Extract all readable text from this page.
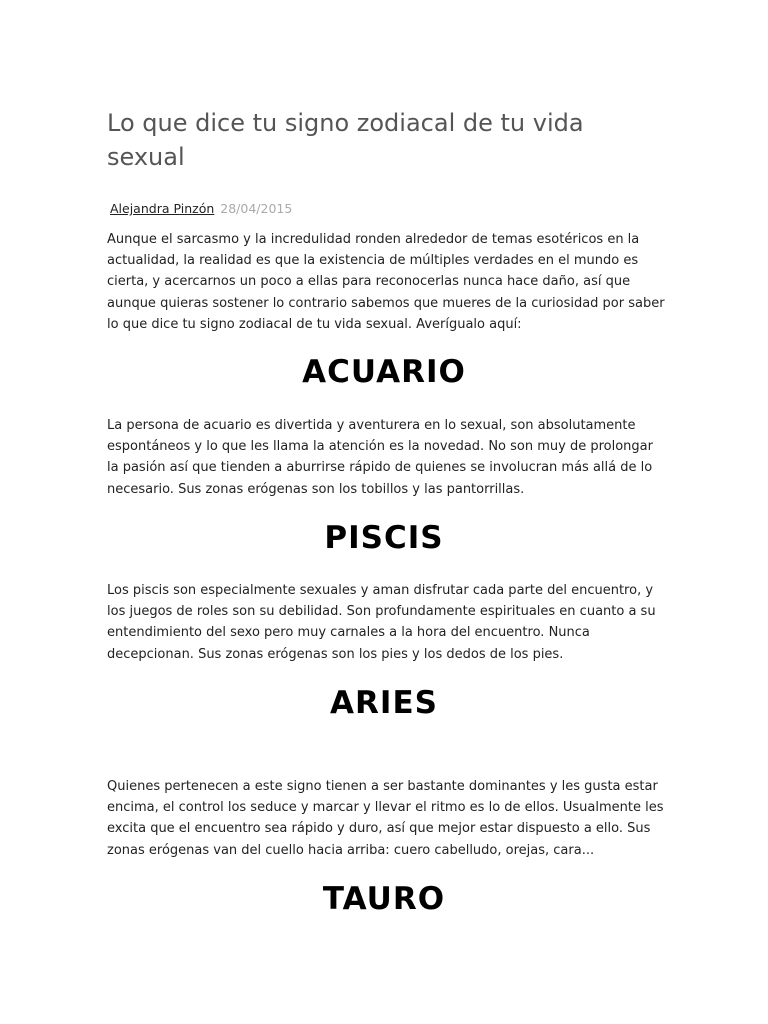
Lo que dice tu signo zodiacal de tu vida sexual
Alejandra Pinzón 28/04/2015

Aunque el sarcasmo y la incredulidad ronden alrededor de temas esotéricos en la actualidad, la realidad es que la existencia de múltiples verdades en el mundo es cierta, y acercarnos un poco a ellas para reconocerlas nunca hace daño, así que aunque quieras sostener lo contrario sabemos que mueres de la curiosidad por saber lo que dice tu signo zodiacal de tu vida sexual. Averígualo aquí:

ACUARIO

La persona de acuario es divertida y aventurera en lo sexual, son absolutamente espontáneos y lo que les llama la atención es la novedad. No son muy de prolongar la pasión así que tienden a aburrirse rápido de quienes se involucran más allá de lo necesario. Sus zonas erógenas son los tobillos y las pantorrillas.

PISCIS

Los piscis son especialmente sexuales y aman disfrutar cada parte del encuentro, y los juegos de roles son su debilidad. Son profundamente espirituales en cuanto a su entendimiento del sexo pero muy carnales a la hora del encuentro. Nunca decepcionan. Sus zonas erógenas son los pies y los dedos de los pies.

ARIES

Quienes pertenecen a este signo tienen a ser bastante dominantes y les gusta estar encima, el control los seduce y marcar y llevar el ritmo es lo de ellos. Usualmente les excita que el encuentro sea rápido y duro, así que mejor estar dispuesto a ello. Sus zonas erógenas van del cuello hacia arriba: cuero cabelludo, orejas, cara...

TAURO
